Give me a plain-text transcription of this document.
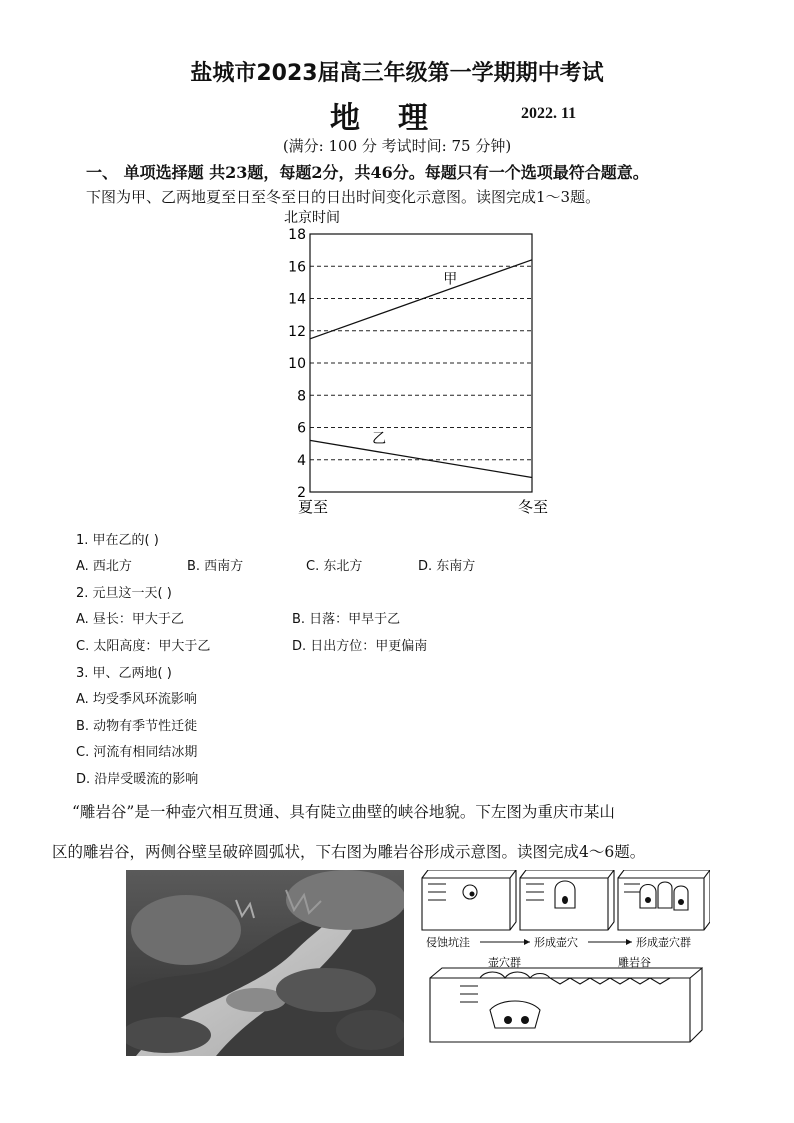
盐城市2023届高三年级第一学期期中考试
地理	2022. 11
(满分: 100 分 考试时间: 75 分钟)
一、 单项选择题 共23题，每题2分，共46分。每题只有一个选项最符合题意。
下图为甲、乙两地夏至日至冬至日的日出时间变化示意图。读图完成1～3题。
北京时间
2
4
6
8
10
12
14
16
18
夏至	冬至
甲
乙
1. 甲在乙的( )
A. 西北方	B. 西南方	C. 东北方	D. 东南方
2. 元旦这一天( )
A. 昼长：甲大于乙	B. 日落：甲早于乙
C. 太阳高度：甲大于乙	D. 日出方位：甲更偏南
3. 甲、乙两地( )
A. 均受季风环流影响
B. 动物有季节性迁徙
C. 河流有相同结冰期
D. 沿岸受暖流的影响
“雕岩谷”是一种壶穴相互贯通、具有陡立曲壁的峡谷地貌。下左图为重庆市某山
区的雕岩谷，两侧谷壁呈破碎圆弧状，下右图为雕岩谷形成示意图。读图完成4～6题。
侵蚀坑洼	形成壶穴	形成壶穴群
壶穴群	雕岩谷
